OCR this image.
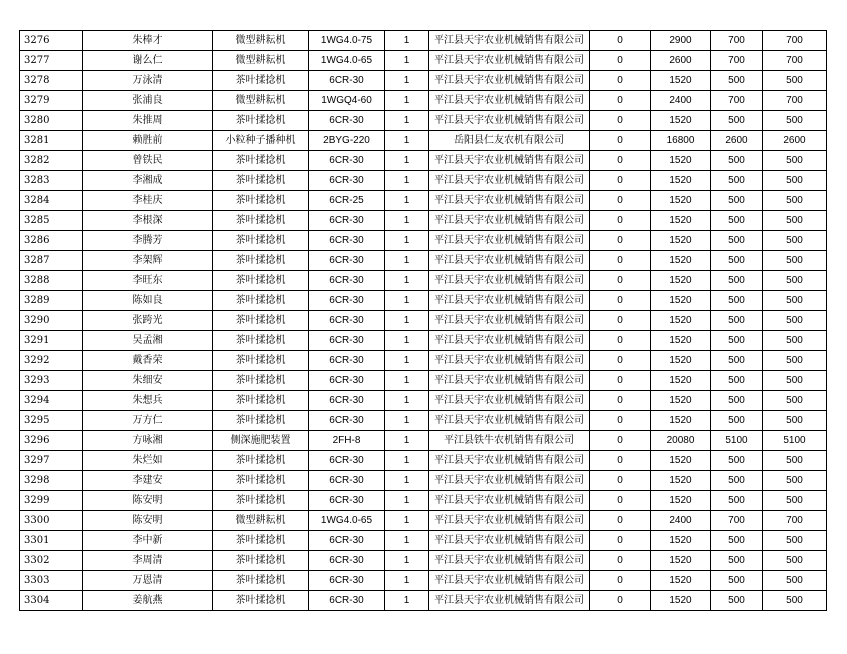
3276	朱棒才	微型耕耘机	1WG4.0-75	1	平江县天宇农业机械销售有限公司	0	2900	700	700
3277	谢么仁	微型耕耘机	1WG4.0-65	1	平江县天宇农业机械销售有限公司	0	2600	700	700
3278	万泳清	茶叶揉捻机	6CR-30	1	平江县天宇农业机械销售有限公司	0	1520	500	500
3279	张浦良	微型耕耘机	1WGQ4-60	1	平江县天宇农业机械销售有限公司	0	2400	700	700
3280	朱推周	茶叶揉捻机	6CR-30	1	平江县天宇农业机械销售有限公司	0	1520	500	500
3281	赖胜前	小粒种子播种机	2BYG-220	1	岳阳县仁友农机有限公司	0	16800	2600	2600
3282	曾铁民	茶叶揉捻机	6CR-30	1	平江县天宇农业机械销售有限公司	0	1520	500	500
3283	李湘成	茶叶揉捻机	6CR-30	1	平江县天宇农业机械销售有限公司	0	1520	500	500
3284	李桂庆	茶叶揉捻机	6CR-25	1	平江县天宇农业机械销售有限公司	0	1520	500	500
3285	李根深	茶叶揉捻机	6CR-30	1	平江县天宇农业机械销售有限公司	0	1520	500	500
3286	李腾芳	茶叶揉捻机	6CR-30	1	平江县天宇农业机械销售有限公司	0	1520	500	500
3287	李架辉	茶叶揉捻机	6CR-30	1	平江县天宇农业机械销售有限公司	0	1520	500	500
3288	李旺东	茶叶揉捻机	6CR-30	1	平江县天宇农业机械销售有限公司	0	1520	500	500
3289	陈如良	茶叶揉捻机	6CR-30	1	平江县天宇农业机械销售有限公司	0	1520	500	500
3290	张跨光	茶叶揉捻机	6CR-30	1	平江县天宇农业机械销售有限公司	0	1520	500	500
3291	吴孟湘	茶叶揉捻机	6CR-30	1	平江县天宇农业机械销售有限公司	0	1520	500	500
3292	戴香荣	茶叶揉捻机	6CR-30	1	平江县天宇农业机械销售有限公司	0	1520	500	500
3293	朱细安	茶叶揉捻机	6CR-30	1	平江县天宇农业机械销售有限公司	0	1520	500	500
3294	朱想兵	茶叶揉捻机	6CR-30	1	平江县天宇农业机械销售有限公司	0	1520	500	500
3295	万方仁	茶叶揉捻机	6CR-30	1	平江县天宇农业机械销售有限公司	0	1520	500	500
3296	方咏湘	侧深施肥装置	2FH-8	1	平江县铁牛农机销售有限公司	0	20080	5100	5100
3297	朱烂如	茶叶揉捻机	6CR-30	1	平江县天宇农业机械销售有限公司	0	1520	500	500
3298	李建安	茶叶揉捻机	6CR-30	1	平江县天宇农业机械销售有限公司	0	1520	500	500
3299	陈安明	茶叶揉捻机	6CR-30	1	平江县天宇农业机械销售有限公司	0	1520	500	500
3300	陈安明	微型耕耘机	1WG4.0-65	1	平江县天宇农业机械销售有限公司	0	2400	700	700
3301	李中新	茶叶揉捻机	6CR-30	1	平江县天宇农业机械销售有限公司	0	1520	500	500
3302	李周清	茶叶揉捻机	6CR-30	1	平江县天宇农业机械销售有限公司	0	1520	500	500
3303	万恩清	茶叶揉捻机	6CR-30	1	平江县天宇农业机械销售有限公司	0	1520	500	500
3304	姜航燕	茶叶揉捻机	6CR-30	1	平江县天宇农业机械销售有限公司	0	1520	500	500
